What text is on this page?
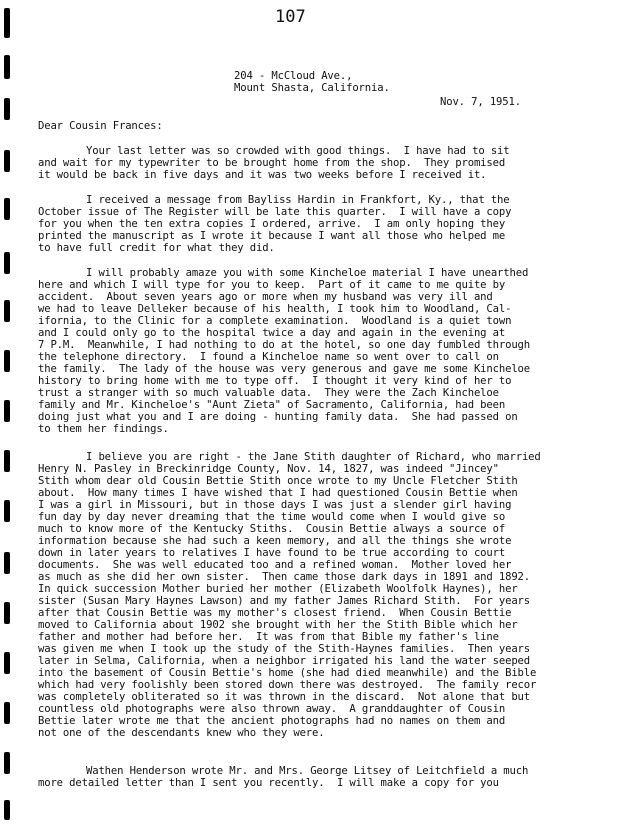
107
204 - McCloud Ave.,
Mount Shasta, California.
Nov. 7, 1951.
Dear Cousin Frances:
Your last letter was so crowded with good things.  I have had to sit
and wait for my typewriter to be brought home from the shop.  They promised
it would be back in five days and it was two weeks before I received it.
I received a message from Bayliss Hardin in Frankfort, Ky., that the
October issue of The Register will be late this quarter.  I will have a copy
for you when the ten extra copies I ordered, arrive.  I am only hoping they
printed the manuscript as I wrote it because I want all those who helped me
to have full credit for what they did.
I will probably amaze you with some Kincheloe material I have unearthed
here and which I will type for you to keep.  Part of it came to me quite by
accident.  About seven years ago or more when my husband was very ill and
we had to leave Delleker because of his health, I took him to Woodland, Cal-
ifornia, to the Clinic for a complete examination.  Woodland is a quiet town
and I could only go to the hospital twice a day and again in the evening at
7 P.M.  Meanwhile, I had nothing to do at the hotel, so one day fumbled through
the telephone directory.  I found a Kincheloe name so went over to call on
the family.  The lady of the house was very generous and gave me some Kincheloe
history to bring home with me to type off.  I thought it very kind of her to
trust a stranger with so much valuable data.  They were the Zach Kincheloe
family and Mr. Kincheloe's "Aunt Zieta" of Sacramento, California, had been
doing just what you and I are doing - hunting family data.  She had passed on
to them her findings.
I believe you are right - the Jane Stith daughter of Richard, who married
Henry N. Pasley in Breckinridge County, Nov. 14, 1827, was indeed "Jincey"
Stith whom dear old Cousin Bettie Stith once wrote to my Uncle Fletcher Stith
about.  How many times I have wished that I had questioned Cousin Bettie when
I was a girl in Missouri, but in those days I was just a slender girl having
fun day by day never dreaming that the time would come when I would give so
much to know more of the Kentucky Stiths.  Cousin Bettie always a source of
information because she had such a keen memory, and all the things she wrote
down in later years to relatives I have found to be true according to court
documents.  She was well educated too and a refined woman.  Mother loved her
as much as she did her own sister.  Then came those dark days in 1891 and 1892.
In quick succession Mother buried her mother (Elizabeth Woolfolk Haynes), her
sister (Susan Mary Haynes Lawson) and my father James Richard Stith.  For years
after that Cousin Bettie was my mother's closest friend.  When Cousin Bettie
moved to California about 1902 she brought with her the Stith Bible which her
father and mother had before her.  It was from that Bible my father's line
was given me when I took up the study of the Stith-Haynes families.  Then years
later in Selma, California, when a neighbor irrigated his land the water seeped
into the basement of Cousin Bettie's home (she had died meanwhile) and the Bible
which had very foolishly been stored down there was destroyed.  The family recor
was completely obliterated so it was thrown in the discard.  Not alone that but
countless old photographs were also thrown away.  A granddaughter of Cousin
Bettie later wrote me that the ancient photographs had no names on them and
not one of the descendants knew who they were.
Wathen Henderson wrote Mr. and Mrs. George Litsey of Leitchfield a much
more detailed letter than I sent you recently.  I will make a copy for you
